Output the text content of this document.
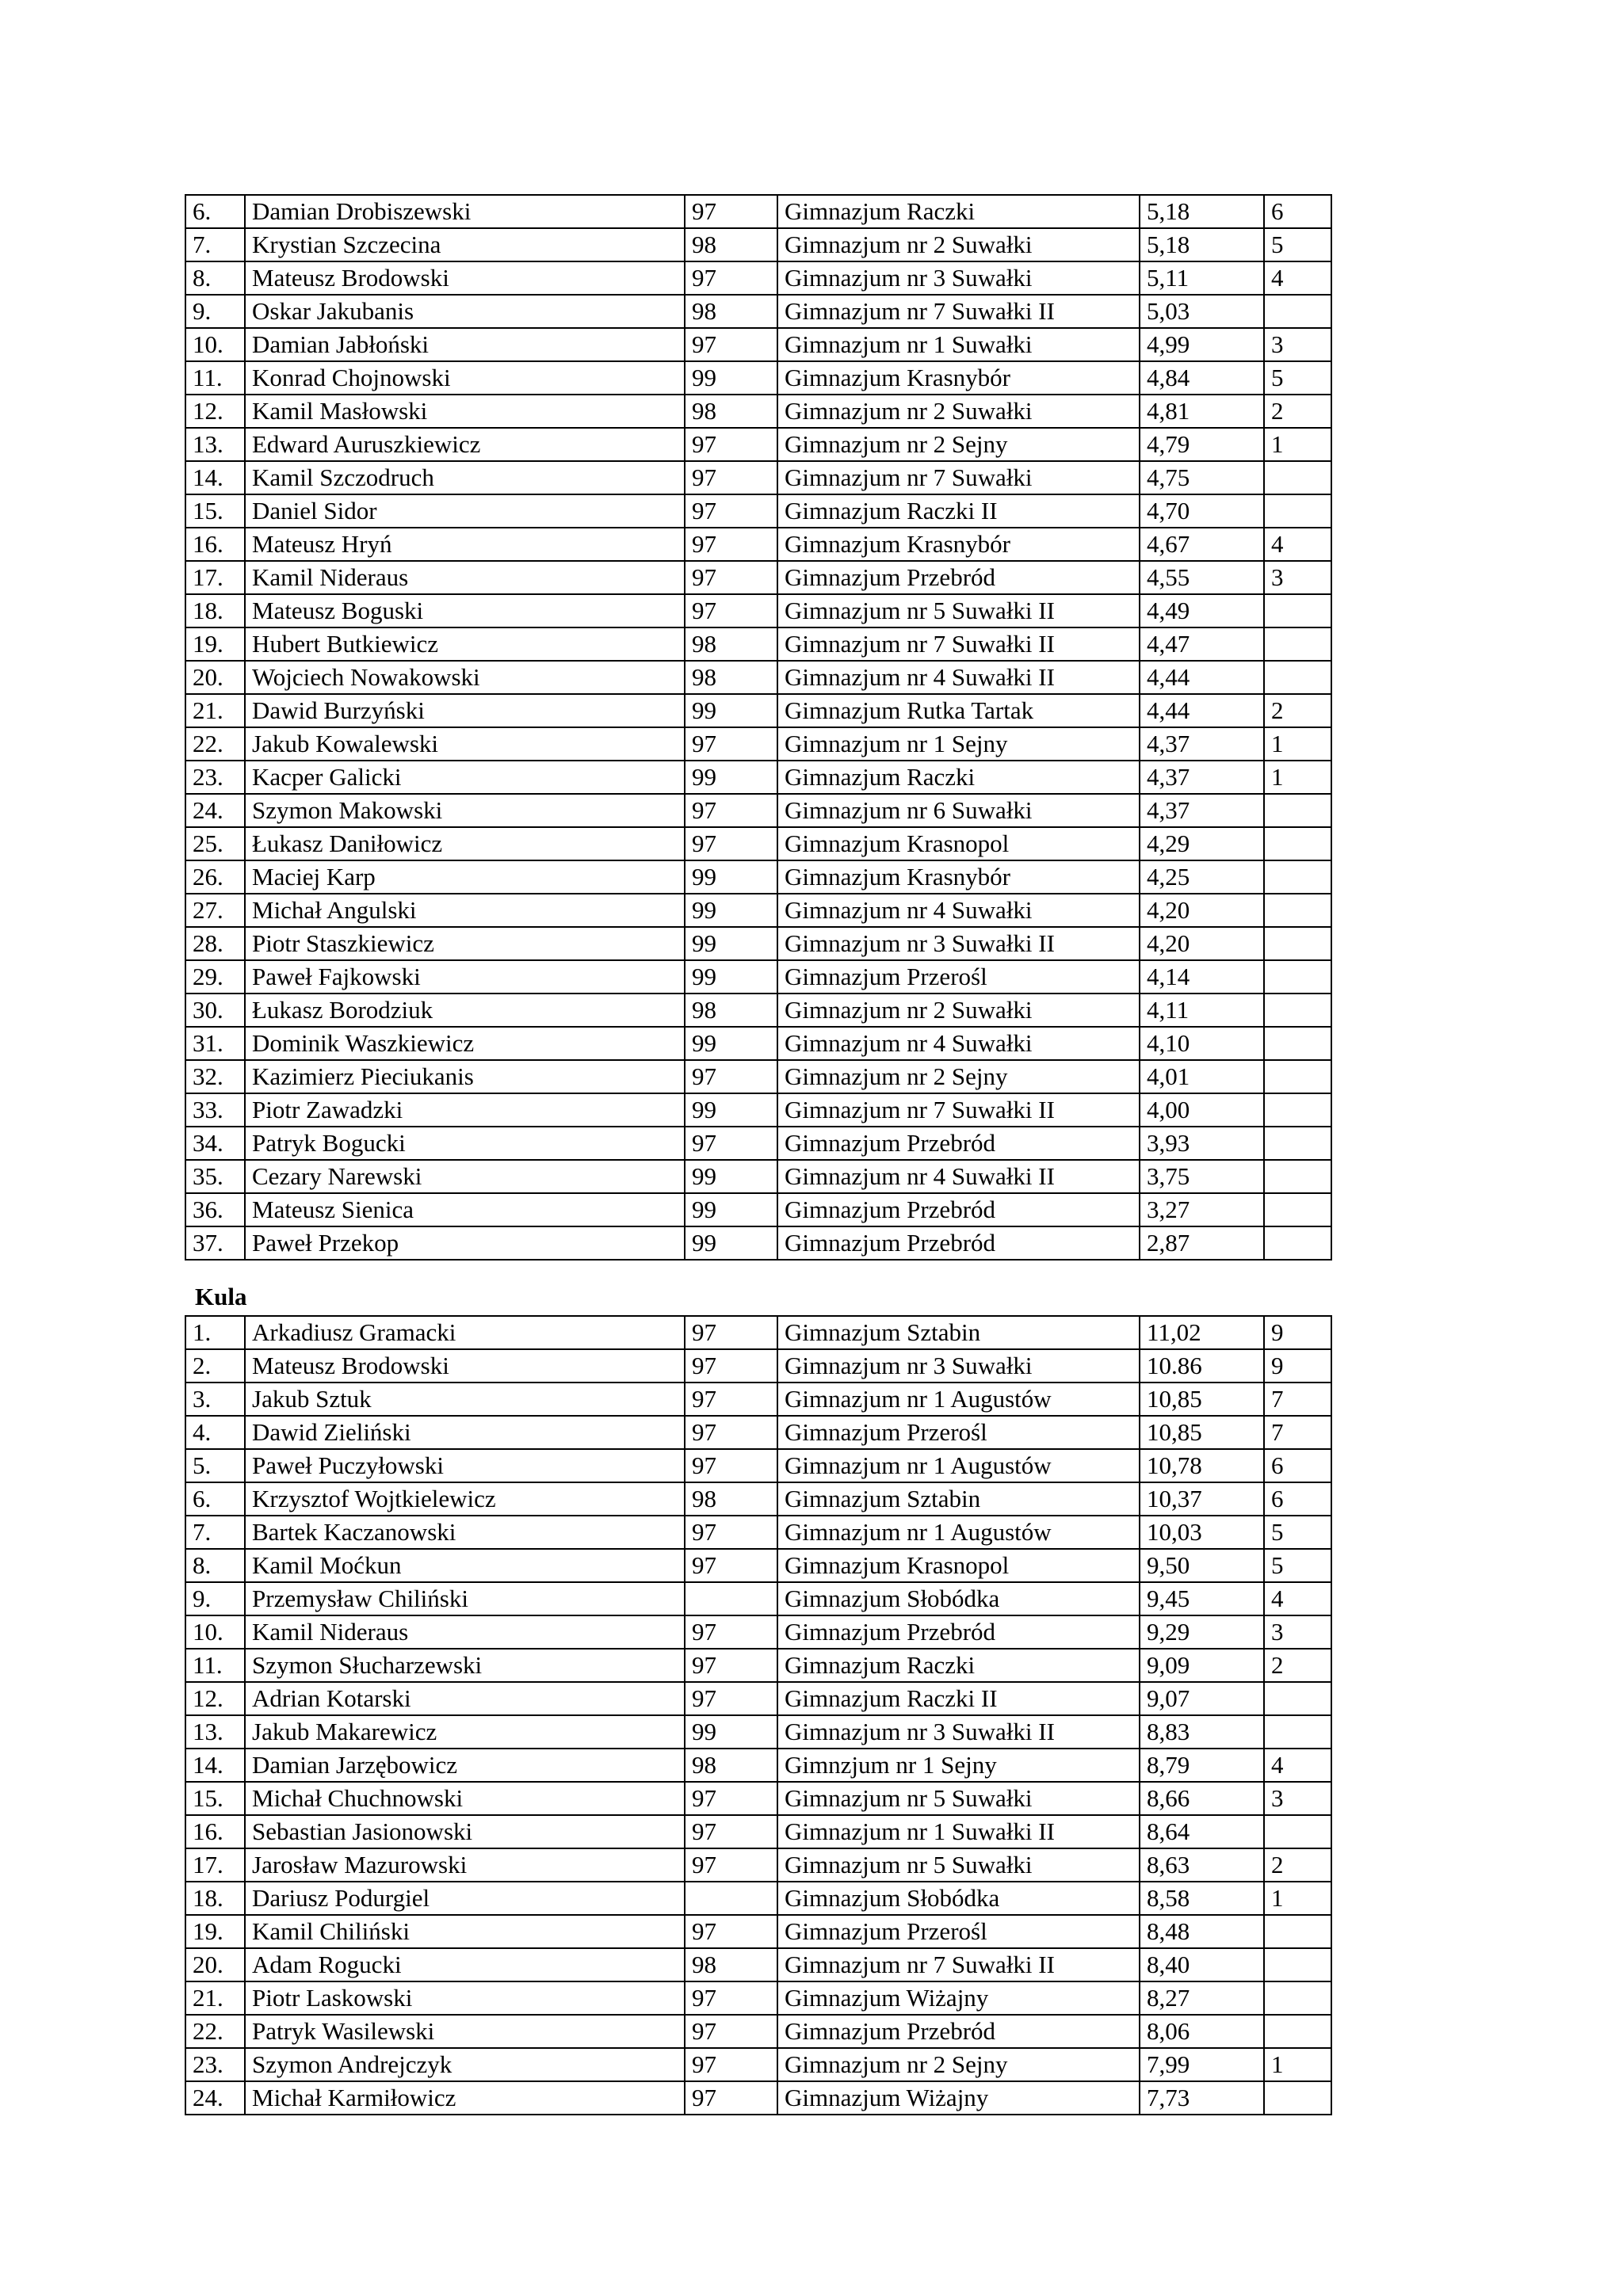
6.	Damian Drobiszewski	97	Gimnazjum Raczki	5,18	6
7.	Krystian Szczecina	98	Gimnazjum nr 2 Suwałki	5,18	5
8.	Mateusz Brodowski	97	Gimnazjum nr 3 Suwałki	5,11	4
9.	Oskar Jakubanis	98	Gimnazjum nr 7 Suwałki II	5,03	
10.	Damian Jabłoński	97	Gimnazjum nr 1 Suwałki	4,99	3
11.	Konrad Chojnowski	99	Gimnazjum Krasnybór	4,84	5
12.	Kamil Masłowski	98	Gimnazjum nr 2 Suwałki	4,81	2
13.	Edward Auruszkiewicz	97	Gimnazjum nr 2 Sejny	4,79	1
14.	Kamil Szczodruch	97	Gimnazjum nr 7 Suwałki	4,75	
15.	Daniel Sidor	97	Gimnazjum Raczki II	4,70	
16.	Mateusz Hryń	97	Gimnazjum Krasnybór	4,67	4
17.	Kamil Nideraus	97	Gimnazjum Przebród	4,55	3
18.	Mateusz Boguski	97	Gimnazjum nr 5 Suwałki II	4,49	
19.	Hubert Butkiewicz	98	Gimnazjum nr 7 Suwałki II	4,47	
20.	Wojciech Nowakowski	98	Gimnazjum nr 4 Suwałki II	4,44	
21.	Dawid Burzyński	99	Gimnazjum Rutka Tartak	4,44	2
22.	Jakub Kowalewski	97	Gimnazjum nr 1 Sejny	4,37	1
23.	Kacper Galicki	99	Gimnazjum Raczki	4,37	1
24.	Szymon Makowski	97	Gimnazjum nr 6 Suwałki	4,37	
25.	Łukasz Daniłowicz	97	Gimnazjum Krasnopol	4,29	
26.	Maciej Karp	99	Gimnazjum Krasnybór	4,25	
27.	Michał Angulski	99	Gimnazjum nr 4 Suwałki	4,20	
28.	Piotr Staszkiewicz	99	Gimnazjum nr 3 Suwałki II	4,20	
29.	Paweł Fajkowski	99	Gimnazjum Przerośl	4,14	
30.	Łukasz Borodziuk	98	Gimnazjum nr 2 Suwałki	4,11	
31.	Dominik Waszkiewicz	99	Gimnazjum nr 4 Suwałki	4,10	
32.	Kazimierz Pieciukanis	97	Gimnazjum nr 2 Sejny	4,01	
33.	Piotr Zawadzki	99	Gimnazjum nr 7 Suwałki II	4,00	
34.	Patryk Bogucki	97	Gimnazjum Przebród	3,93	
35.	Cezary Narewski	99	Gimnazjum nr 4 Suwałki II	3,75	
36.	Mateusz Sienica	99	Gimnazjum Przebród	3,27	
37.	Paweł Przekop	99	Gimnazjum Przebród	2,87	
Kula
1.	Arkadiusz Gramacki	97	Gimnazjum Sztabin	11,02	9
2.	Mateusz Brodowski	97	Gimnazjum nr 3 Suwałki	10.86	9
3.	Jakub Sztuk	97	Gimnazjum nr 1 Augustów	10,85	7
4.	Dawid Zieliński	97	Gimnazjum Przerośl	10,85	7
5.	Paweł Puczyłowski	97	Gimnazjum nr 1 Augustów	10,78	6
6.	Krzysztof Wojtkielewicz	98	Gimnazjum Sztabin	10,37	6
7.	Bartek Kaczanowski	97	Gimnazjum nr 1 Augustów	10,03	5
8.	Kamil Moćkun	97	Gimnazjum Krasnopol	9,50	5
9.	Przemysław Chiliński		Gimnazjum Słobódka	9,45	4
10.	Kamil Nideraus	97	Gimnazjum Przebród	9,29	3
11.	Szymon Słucharzewski	97	Gimnazjum Raczki	9,09	2
12.	Adrian Kotarski	97	Gimnazjum Raczki II	9,07	
13.	Jakub Makarewicz	99	Gimnazjum nr 3 Suwałki II	8,83	
14.	Damian Jarzębowicz	98	Gimnzjum nr 1 Sejny	8,79	4
15.	Michał Chuchnowski	97	Gimnazjum nr 5 Suwałki	8,66	3
16.	Sebastian Jasionowski	97	Gimnazjum nr 1 Suwałki II	8,64	
17.	Jarosław Mazurowski	97	Gimnazjum nr 5 Suwałki	8,63	2
18.	Dariusz Podurgiel		Gimnazjum Słobódka	8,58	1
19.	Kamil Chiliński	97	Gimnazjum Przerośl	8,48	
20.	Adam Rogucki	98	Gimnazjum nr 7 Suwałki II	8,40	
21.	Piotr Laskowski	97	Gimnazjum Wiżajny	8,27	
22.	Patryk Wasilewski	97	Gimnazjum Przebród	8,06	
23.	Szymon Andrejczyk	97	Gimnazjum nr 2 Sejny	7,99	1
24.	Michał Karmiłowicz	97	Gimnazjum Wiżajny	7,73	
